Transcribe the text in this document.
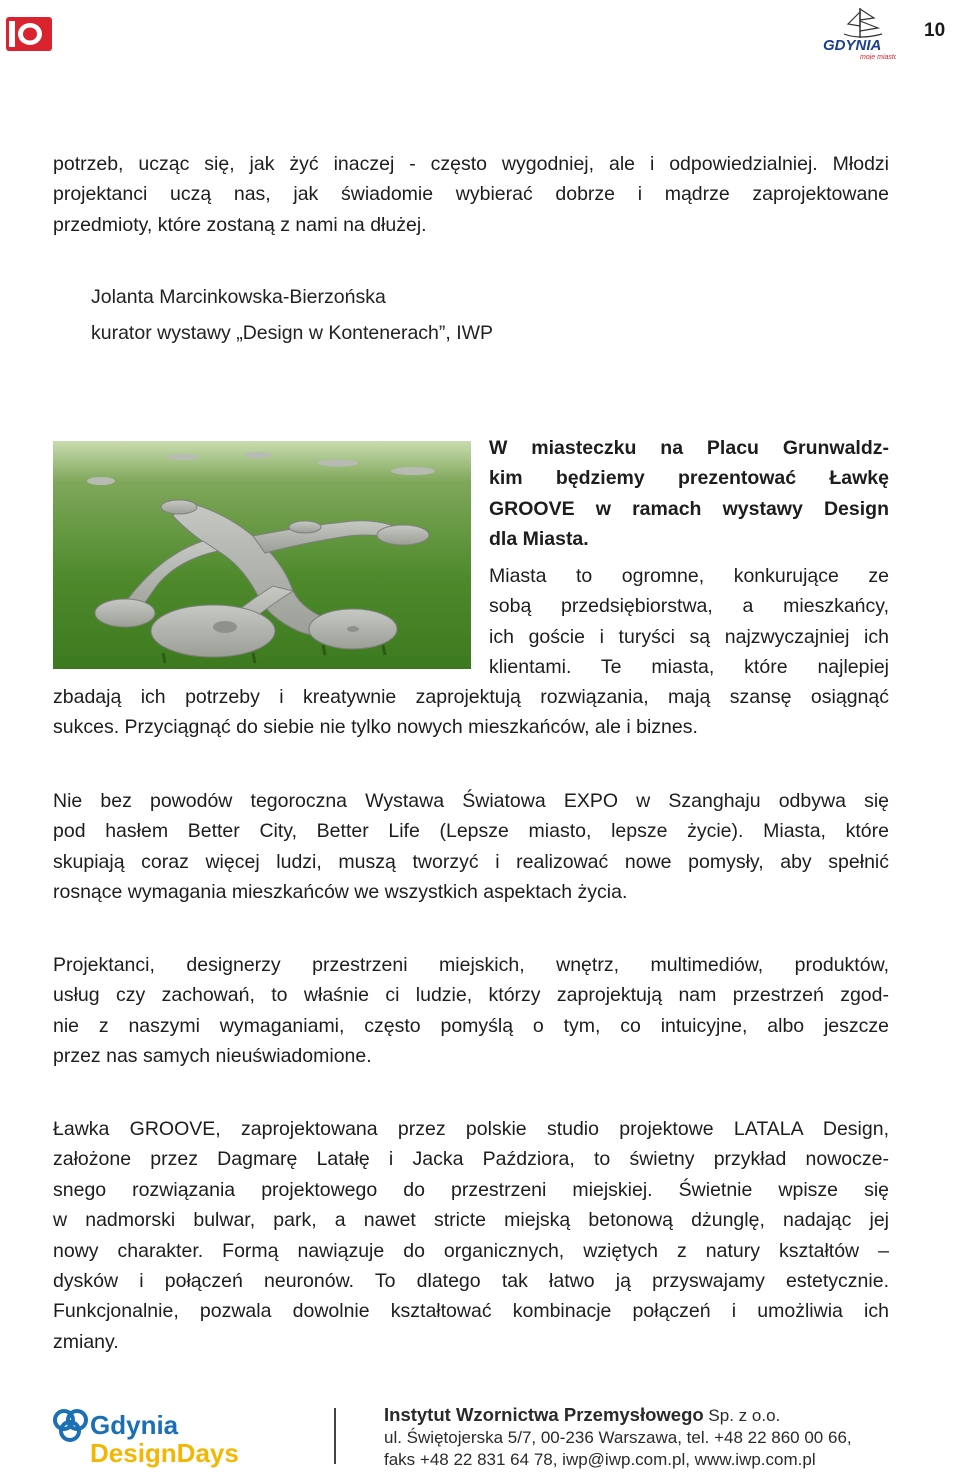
GDYNIA
moje miasto
10
potrzeb, ucząc się, jak żyć inaczej - często wygodniej, ale i odpowiedzialniej. Młodzi
projektanci uczą nas, jak świadomie wybierać dobrze i mądrze zaprojektowane
przedmioty, które zostaną z nami na dłużej.
Jolanta Marcinkowska-Bierzońska
kurator wystawy „Design w Kontenerach”, IWP
W miasteczku na Placu Grunwaldz-
kim będziemy prezentować Ławkę
GROOVE w ramach wystawy Design
dla Miasta.
Miasta to ogromne, konkurujące ze
sobą przedsiębiorstwa, a mieszkańcy,
ich goście i turyści są najzwyczajniej ich
klientami. Te miasta, które najlepiej
zbadają ich potrzeby i kreatywnie zaprojektują rozwiązania, mają szansę osiągnąć
sukces. Przyciągnąć do siebie nie tylko nowych mieszkańców, ale i biznes.
Nie bez powodów tegoroczna Wystawa Światowa EXPO w Szanghaju odbywa się
pod hasłem Better City, Better Life (Lepsze miasto, lepsze życie). Miasta, które
skupiają coraz więcej ludzi, muszą tworzyć i realizować nowe pomysły, aby spełnić
rosnące wymagania mieszkańców we wszystkich aspektach życia.
Projektanci, designerzy przestrzeni miejskich, wnętrz, multimediów, produktów,
usług czy zachowań, to właśnie ci ludzie, którzy zaprojektują nam przestrzeń zgod-
nie z naszymi wymaganiami, często pomyślą o tym, co intuicyjne, albo jeszcze
przez nas samych nieuświadomione.
Ławka GROOVE, zaprojektowana przez polskie studio projektowe LATALA Design,
założone przez Dagmarę Latałę i Jacka Paździora, to świetny przykład nowocze-
snego rozwiązania projektowego do przestrzeni miejskiej. Świetnie wpisze się
w nadmorski bulwar, park, a nawet stricte miejską betonową dżunglę, nadając jej
nowy charakter. Formą nawiązuje do organicznych, wziętych z natury kształtów –
dysków i połączeń neuronów. To dlatego tak łatwo ją przyswajamy estetycznie.
Funkcjonalnie, pozwala dowolnie kształtować kombinacje połączeń i umożliwia ich
zmiany.
Gdynia
DesignDays
Instytut Wzornictwa Przemysłowego Sp. z o.o.
ul. Świętojerska 5/7, 00-236 Warszawa, tel. +48 22 860 00 66,
faks +48 22 831 64 78, iwp@iwp.com.pl, www.iwp.com.pl
